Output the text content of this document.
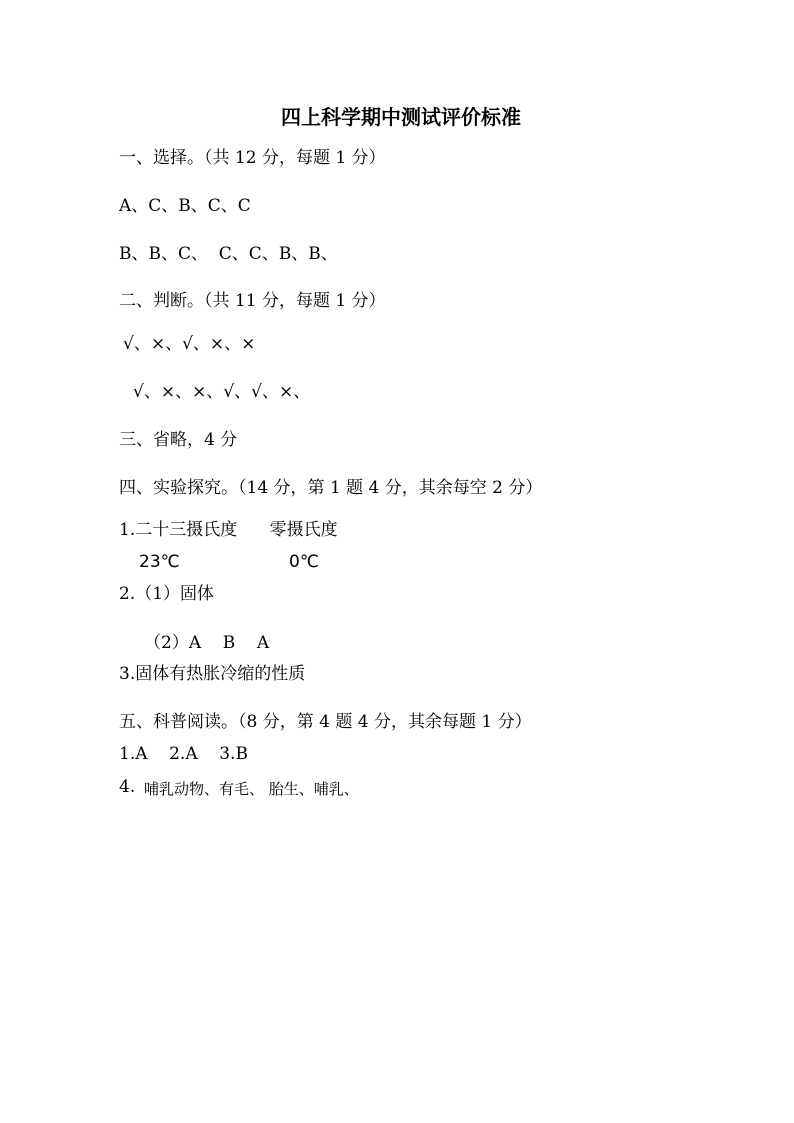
四上科学期中测试评价标准
一、选择。（共 12 分，每题 1 分）
A、C、B、C、C
B、B、C、  C、C、B、B、
二、判断。（共 11 分，每题 1 分）
√、×、√、×、×
√、×、×、√、√、×、
三、省略，4 分
四、实验探究。（14 分，第 1 题 4 分，其余每空 2 分）
1.二十三摄氏度      零摄氏度
23℃	0℃
2.（1）固体
（2）A    B    A
3.固体有热胀冷缩的性质
五、科普阅读。（8 分，第 4 题 4 分，其余每题 1 分）
1.A    2.A    3.B
4. 哺乳动物、有毛、 胎生、哺乳、
